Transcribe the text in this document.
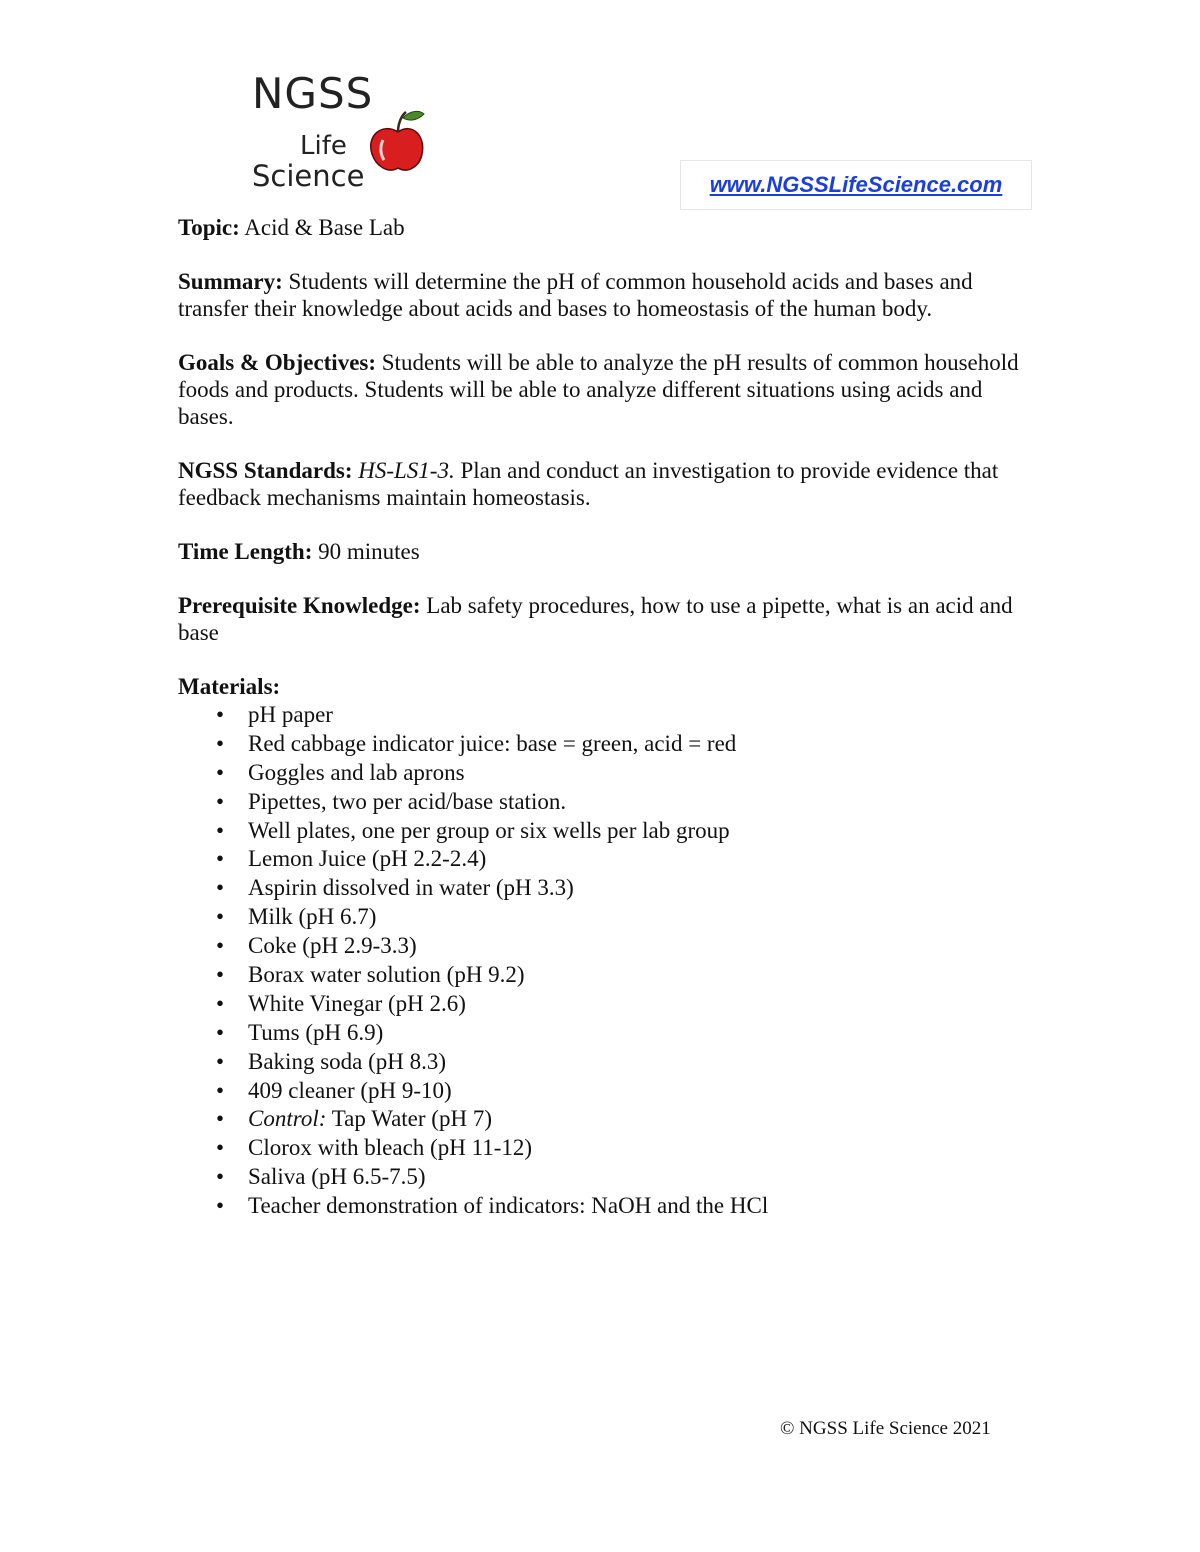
NGSS
Life
Science	www.NGSSLifeScience.com

Topic: Acid & Base Lab

Summary: Students will determine the pH of common household acids and bases and transfer their knowledge about acids and bases to homeostasis of the human body.

Goals & Objectives: Students will be able to analyze the pH results of common household foods and products. Students will be able to analyze different situations using acids and bases.

NGSS Standards: HS-LS1-3. Plan and conduct an investigation to provide evidence that feedback mechanisms maintain homeostasis.

Time Length: 90 minutes

Prerequisite Knowledge: Lab safety procedures, how to use a pipette, what is an acid and base

Materials:

• pH paper
• Red cabbage indicator juice: base = green, acid = red
• Goggles and lab aprons
• Pipettes, two per acid/base station.
• Well plates, one per group or six wells per lab group
• Lemon Juice (pH 2.2-2.4)
• Aspirin dissolved in water (pH 3.3)
• Milk (pH 6.7)
• Coke (pH 2.9-3.3)
• Borax water solution (pH 9.2)
• White Vinegar (pH 2.6)
• Tums (pH 6.9)
• Baking soda (pH 8.3)
• 409 cleaner (pH 9-10)
• Control: Tap Water (pH 7)
• Clorox with bleach (pH 11-12)
• Saliva (pH 6.5-7.5)
• Teacher demonstration of indicators: NaOH and the HCl
© NGSS Life Science 2021
